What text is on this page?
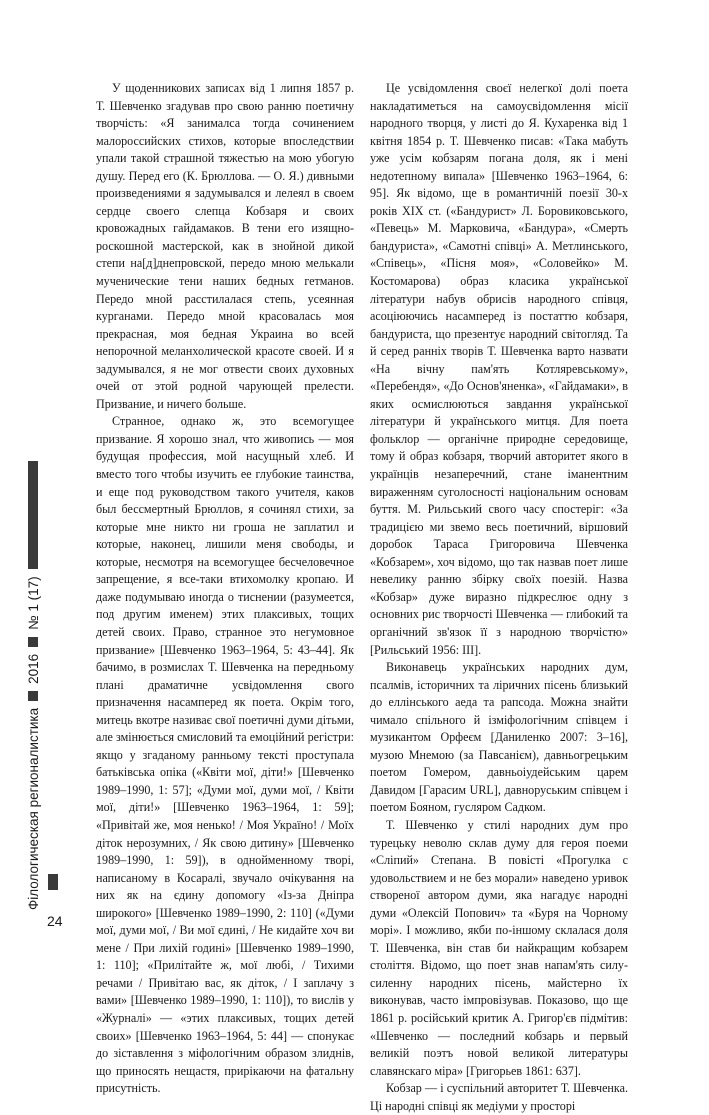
Філологическая регионалистика
2016
№ 1 (17)
24

У щоденникових записах від 1 липня 1857 р. Т. Шевченко згадував про свою ранню поетичну творчість: «Я занималса тогда сочинением малороссийских стихов, которые впоследствии упали такой страшной тяжестью на мою убогую душу. Перед его (К. Брюллова. — О. Я.) дивными произведениями я задумывался и лелеял в своем сердце своего слепца Кобзаря и своих кровожадных гайдамаков. В тени его изящно-роскошной мастерской, как в знойной дикой степи на[д]днепровской, передо мною мелькали мученические тени наших бедных гетманов. Передо мной расстилалася степь, усеянная курганами. Передо мной красовалась моя прекрасная, моя бедная Украина во всей непорочной меланхолической красоте своей. И я задумывался, я не мог отвести своих духовных очей от этой родной чарующей прелести. Призвание, и ничего больше.

Странное, однако ж, это всемогущее призвание. Я хорошо знал, что живопись — моя будущая профессия, мой насущный хлеб. И вместо того чтобы изучить ее глубокие таинства, и еще под руководством такого учителя, каков был бессмертный Брюллов, я сочинял стихи, за которые мне никто ни гроша не заплатил и которые, наконец, лишили меня свободы, и которые, несмотря на всемогущее бесчеловечное запрещение, я все-таки втихомолку кропаю. И даже подумываю иногда о тиснении (разумеется, под другим именем) этих плаксивых, тощих детей своих. Право, странное это негумовное призвание» [Шевченко 1963–1964, 5: 43–44]. Як бачимо, в розмислах Т. Шевченка на передньому плані драматичне усвідомлення свого призначення насамперед як поета. Окрім того, митець вкотре називає свої поетичні думи дітьми, але змінюється смисловий та емоційний регістри: якщо у згаданому ранньому тексті проступала батьківська опіка («Квіти мої, діти!» [Шевченко 1989–1990, 1: 57]; «Думи мої, думи мої, / Квіти мої, діти!» [Шевченко 1963–1964, 1: 59]; «Привітай же, моя ненько! / Моя Україно! / Моїх діток нерозумних, / Як свою дитину» [Шевченко 1989–1990, 1: 59]), в однойменному творі, написаному в Косаралі, звучало очікування на них як на єдину допомогу «Із-за Дніпра широкого» [Шевченко 1989–1990, 2: 110] («Думи мої, думи мої, / Ви мої єдині, / Не кидайте хоч ви мене / При лихій годині» [Шевченко 1989–1990, 1: 110]; «Прилітайте ж, мої любі, / Тихими речами / Привітаю вас, як діток, / І заплачу з вами» [Шевченко 1989–1990, 1: 110]), то вислів у «Журналі» — «этих плаксивых, тощих детей своих» [Шевченко 1963–1964, 5: 44] — спонукає до зіставлення з міфологічним образом злиднів, що приносять нещастя, прирікаючи на фатальну присутність.

Це усвідомлення своєї нелегкої долі поета накладатиметься на самоусвідомлення місії народного творця, у листі до Я. Кухаренка від 1 квітня 1854 р. Т. Шевченко писав: «Така мабуть уже усім кобзарям погана доля, як і мені недотепному випала» [Шевченко 1963–1964, 6: 95]. Як відомо, ще в романтичній поезії 30-х років XIX ст. («Бандурист» Л. Боровиковського, «Певець» М. Марковича, «Бандура», «Смерть бандуриста», «Самотні співці» А. Метлинського, «Співець», «Пісня моя», «Соловейко» М. Костомарова) образ класика української літератури набув обрисів народного співця, асоціюючись насамперед із постаттю кобзаря, бандуриста, що презентує народний світогляд. Та й серед ранніх творів Т. Шевченка варто назвати «На вічну пам'ять Котляревському», «Перебендя», «До Основ'яненка», «Гайдамаки», в яких осмислюються завдання української літератури й українського митця. Для поета фольклор — органічне природне середовище, тому й образ кобзаря, творчий авторитет якого в українців незаперечний, стане іманентним вираженням суголосності національним основам буття. М. Рильський свого часу спостеріг: «За традицією ми звемо весь поетичний, віршовий доробок Тараса Григоровича Шевченка «Кобзарем», хоч відомо, що так назвав поет лише невелику ранню збірку своїх поезій. Назва «Кобзар» дуже виразно підкреслює одну з основних рис творчості Шевченка — глибокий та органічний зв'язок її з народною творчістю» [Рильський 1956: III].

Виконавець українських народних дум, псалмів, історичних та ліричних пісень близький до еллінського аеда та рапсода. Можна знайти чимало спільного й ізміфологічним співцем і музикантом Орфеєм [Даниленко 2007: 3–16], музою Мнемою (за Павсанієм), давньогрецьким поетом Гомером, давньоіудейським царем Давидом [Гарасим URL], давноруським співцем і поетом Бояном, гусляром Садком.

Т. Шевченко у стилі народних дум про турецьку неволю склав думу для героя поеми «Сліпий» Степана. В повісті «Прогулка с удовольствием и не без морали» наведено уривок створеної автором думи, яка нагадує народні думи «Олексій Попович» та «Буря на Чорному морі». І можливо, якби по-іншому склалася доля Т. Шевченка, він став би найкращим кобзарем століття. Відомо, що поет знав напам'ять силу-силенну народних пісень, майстерно їх виконував, часто імпровізував. Показово, що ще 1861 р. російський критик А. Григор'єв підмітив: «Шевченко — последний кобзарь и первый великій поэтъ новой великой литературы славянскаго міра» [Григорьев 1861: 637].

Кобзар — і суспільний авторитет Т. Шевченка. Ці народні співці як медіуми у просторі
